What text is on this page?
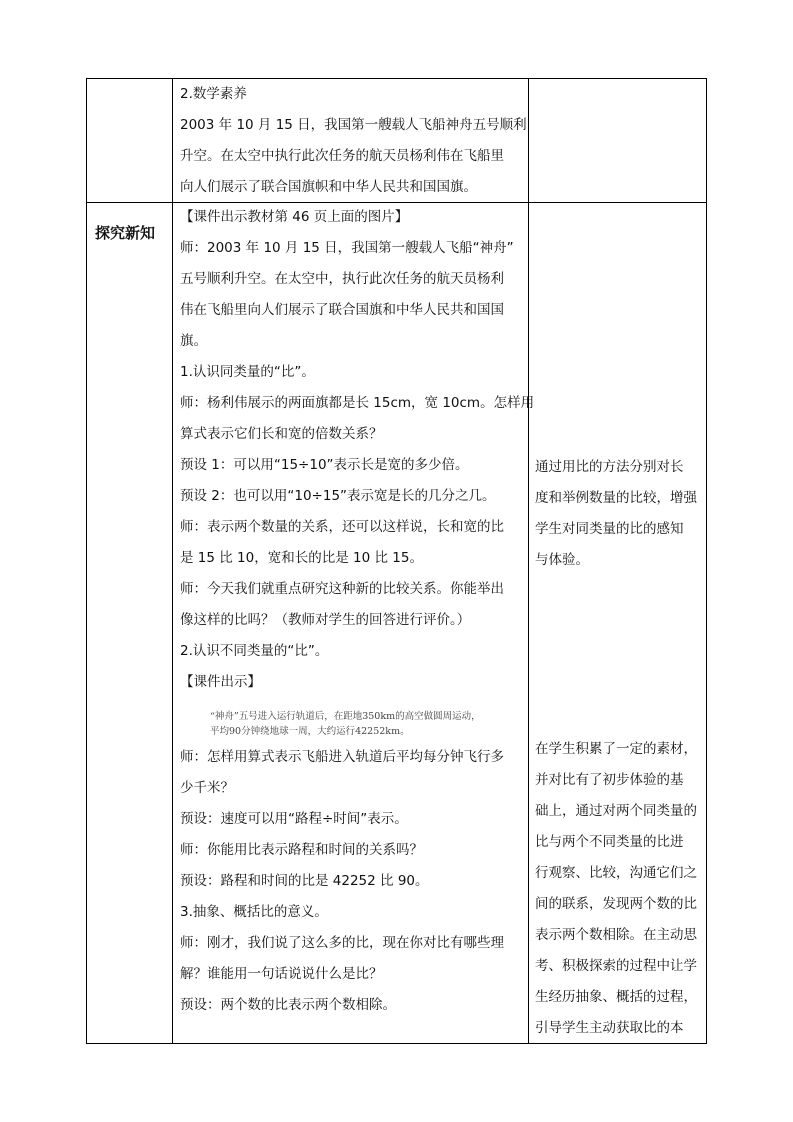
2.数学素养
2003 年 10 月 15 日，我国第一艘载人飞船神舟五号顺利
升空。在太空中执行此次任务的航天员杨利伟在飞船里
向人们展示了联合国旗帜和中华人民共和国国旗。
探究新知
【课件出示教材第 46 页上面的图片】
师：2003 年 10 月 15 日，我国第一艘载人飞船“神舟”
五号顺利升空。在太空中，执行此次任务的航天员杨利
伟在飞船里向人们展示了联合国旗和中华人民共和国国
旗。
1.认识同类量的“比”。
师：杨利伟展示的两面旗都是长 15cm，宽 10cm。怎样用
算式表示它们长和宽的倍数关系？
预设 1：可以用“15÷10”表示长是宽的多少倍。
预设 2：也可以用“10÷15”表示宽是长的几分之几。
师：表示两个数量的关系，还可以这样说，长和宽的比
是 15 比 10，宽和长的比是 10 比 15。
师：今天我们就重点研究这种新的比较关系。你能举出
像这样的比吗？（教师对学生的回答进行评价。）
2.认识不同类量的“比”。
【课件出示】
“神舟”五号进入运行轨道后，在距地350km的高空做圆周运动，
平均90分钟绕地球一周，大约运行42252km。
师：怎样用算式表示飞船进入轨道后平均每分钟飞行多
少千米？
预设：速度可以用“路程÷时间”表示。
师：你能用比表示路程和时间的关系吗？
预设：路程和时间的比是 42252 比 90。
3.抽象、概括比的意义。
师：刚才，我们说了这么多的比，现在你对比有哪些理
解？谁能用一句话说说什么是比？
预设：两个数的比表示两个数相除。
通过用比的方法分别对长
度和举例数量的比较，增强
学生对同类量的比的感知
与体验。
在学生积累了一定的素材，
并对比有了初步体验的基
础上，通过对两个同类量的
比与两个不同类量的比进
行观察、比较，沟通它们之
间的联系，发现两个数的比
表示两个数相除。在主动思
考、积极探索的过程中让学
生经历抽象、概括的过程，
引导学生主动获取比的本
